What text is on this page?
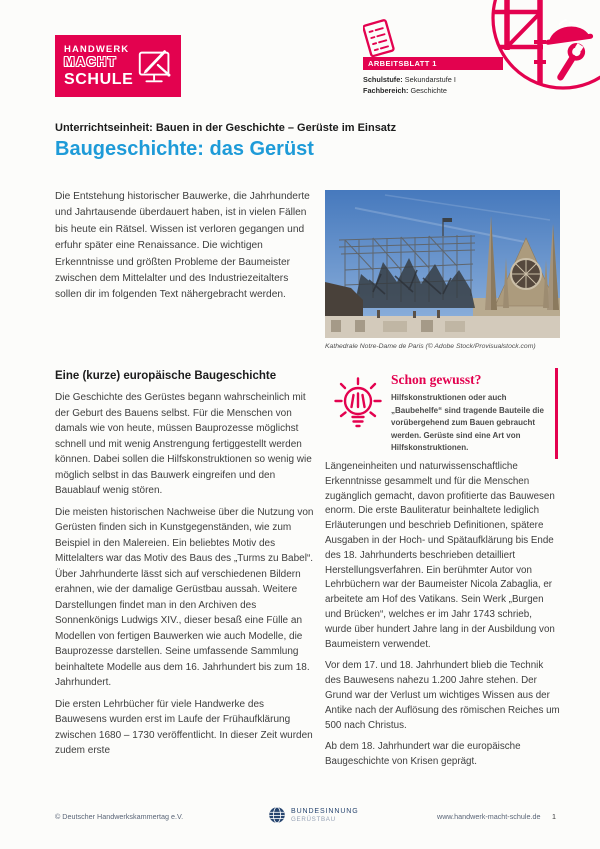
HANDWERK
MACHT
SCHULE
ARBEITSBLATT 1
Schulstufe: Sekundarstufe I
Fachbereich: Geschichte
Unterrichtseinheit: Bauen in der Geschichte – Gerüste im Einsatz
Baugeschichte: das Gerüst

Die Entstehung historischer Bauwerke, die Jahrhunderte und Jahrtausende überdauert haben, ist in vielen Fällen bis heute ein Rätsel. Wissen ist verloren gegangen und erfuhr später eine Renaissance. Die wichtigen Erkenntnisse und größten Probleme der Baumeister zwischen dem Mittelalter und des Industriezeitalters sollen dir im folgenden Text nähergebracht werden.

Kathedrale Notre-Dame de Paris (© Adobe Stock/Provisualstock.com)
Eine (kurze) europäische Baugeschichte

Die Geschichte des Gerüstes begann wahrscheinlich mit der Geburt des Bauens selbst. Für die Menschen von damals wie von heute, müssen Bauprozesse möglichst schnell und mit wenig Anstrengung fertiggestellt werden können. Dabei sollen die Hilfskonstruktionen so wenig wie möglich selbst in das Bauwerk eingreifen und den Bauablauf wenig stören.

Die meisten historischen Nachweise über die Nutzung von Gerüsten finden sich in Kunstgegenständen, wie zum Beispiel in den Malereien. Ein beliebtes Motiv des Mittelalters war das Motiv des Baus des „Turms zu Babel“. Über Jahrhunderte lässt sich auf verschiedenen Bildern erahnen, wie der damalige Gerüstbau aussah. Weitere Darstellungen findet man in den Archiven des Sonnenkönigs Ludwigs XIV., dieser besaß eine Fülle an Modellen von fertigen Bauwerken wie auch Modelle, die Bauprozesse darstellen. Seine umfassende Sammlung beinhaltete Modelle aus dem 16. Jahrhundert bis zum 18. Jahrhundert.

Die ersten Lehrbücher für viele Handwerke des Bauwesens wurden erst im Laufe der Frühaufklärung zwischen 1680 – 1730 veröffentlicht. In dieser Zeit wurden zudem erste

Schon gewusst?
Hilfskonstruktionen oder auch „Baubehelfe“ sind tragende Bauteile die vorübergehend zum Bauen gebraucht werden. Gerüste sind eine Art von Hilfskonstruktionen.

Längeneinheiten und naturwissenschaftliche Erkenntnisse gesammelt und für die Menschen zugänglich gemacht, davon profitierte das Bauwesen enorm. Die erste Bauliteratur beinhaltete lediglich Erläuterungen und beschrieb Definitionen, spätere Ausgaben in der Hoch- und Spätaufklärung bis Ende des 18. Jahrhunderts beschrieben detailliert Herstellungsverfahren. Ein berühmter Autor von Lehrbüchern war der Baumeister Nicola Zabaglia, er arbeitete am Hof des Vatikans. Sein Werk „Burgen und Brücken“, welches er im Jahr 1743 schrieb, wurde über hundert Jahre lang in der Ausbildung von Baumeistern verwendet.

Vor dem 17. und 18. Jahrhundert blieb die Technik des Bauwesens nahezu 1.200 Jahre stehen. Der Grund war der Verlust um wichtiges Wissen aus der Antike nach der Auflösung des römischen Reiches um 500 nach Christus.

Ab dem 18. Jahrhundert war die europäische Baugeschichte von Krisen geprägt.

© Deutscher Handwerkskammertag e.V.
BUNDESINNUNG
GERÜSTBAU	www.handwerk-macht-schule.de 1
